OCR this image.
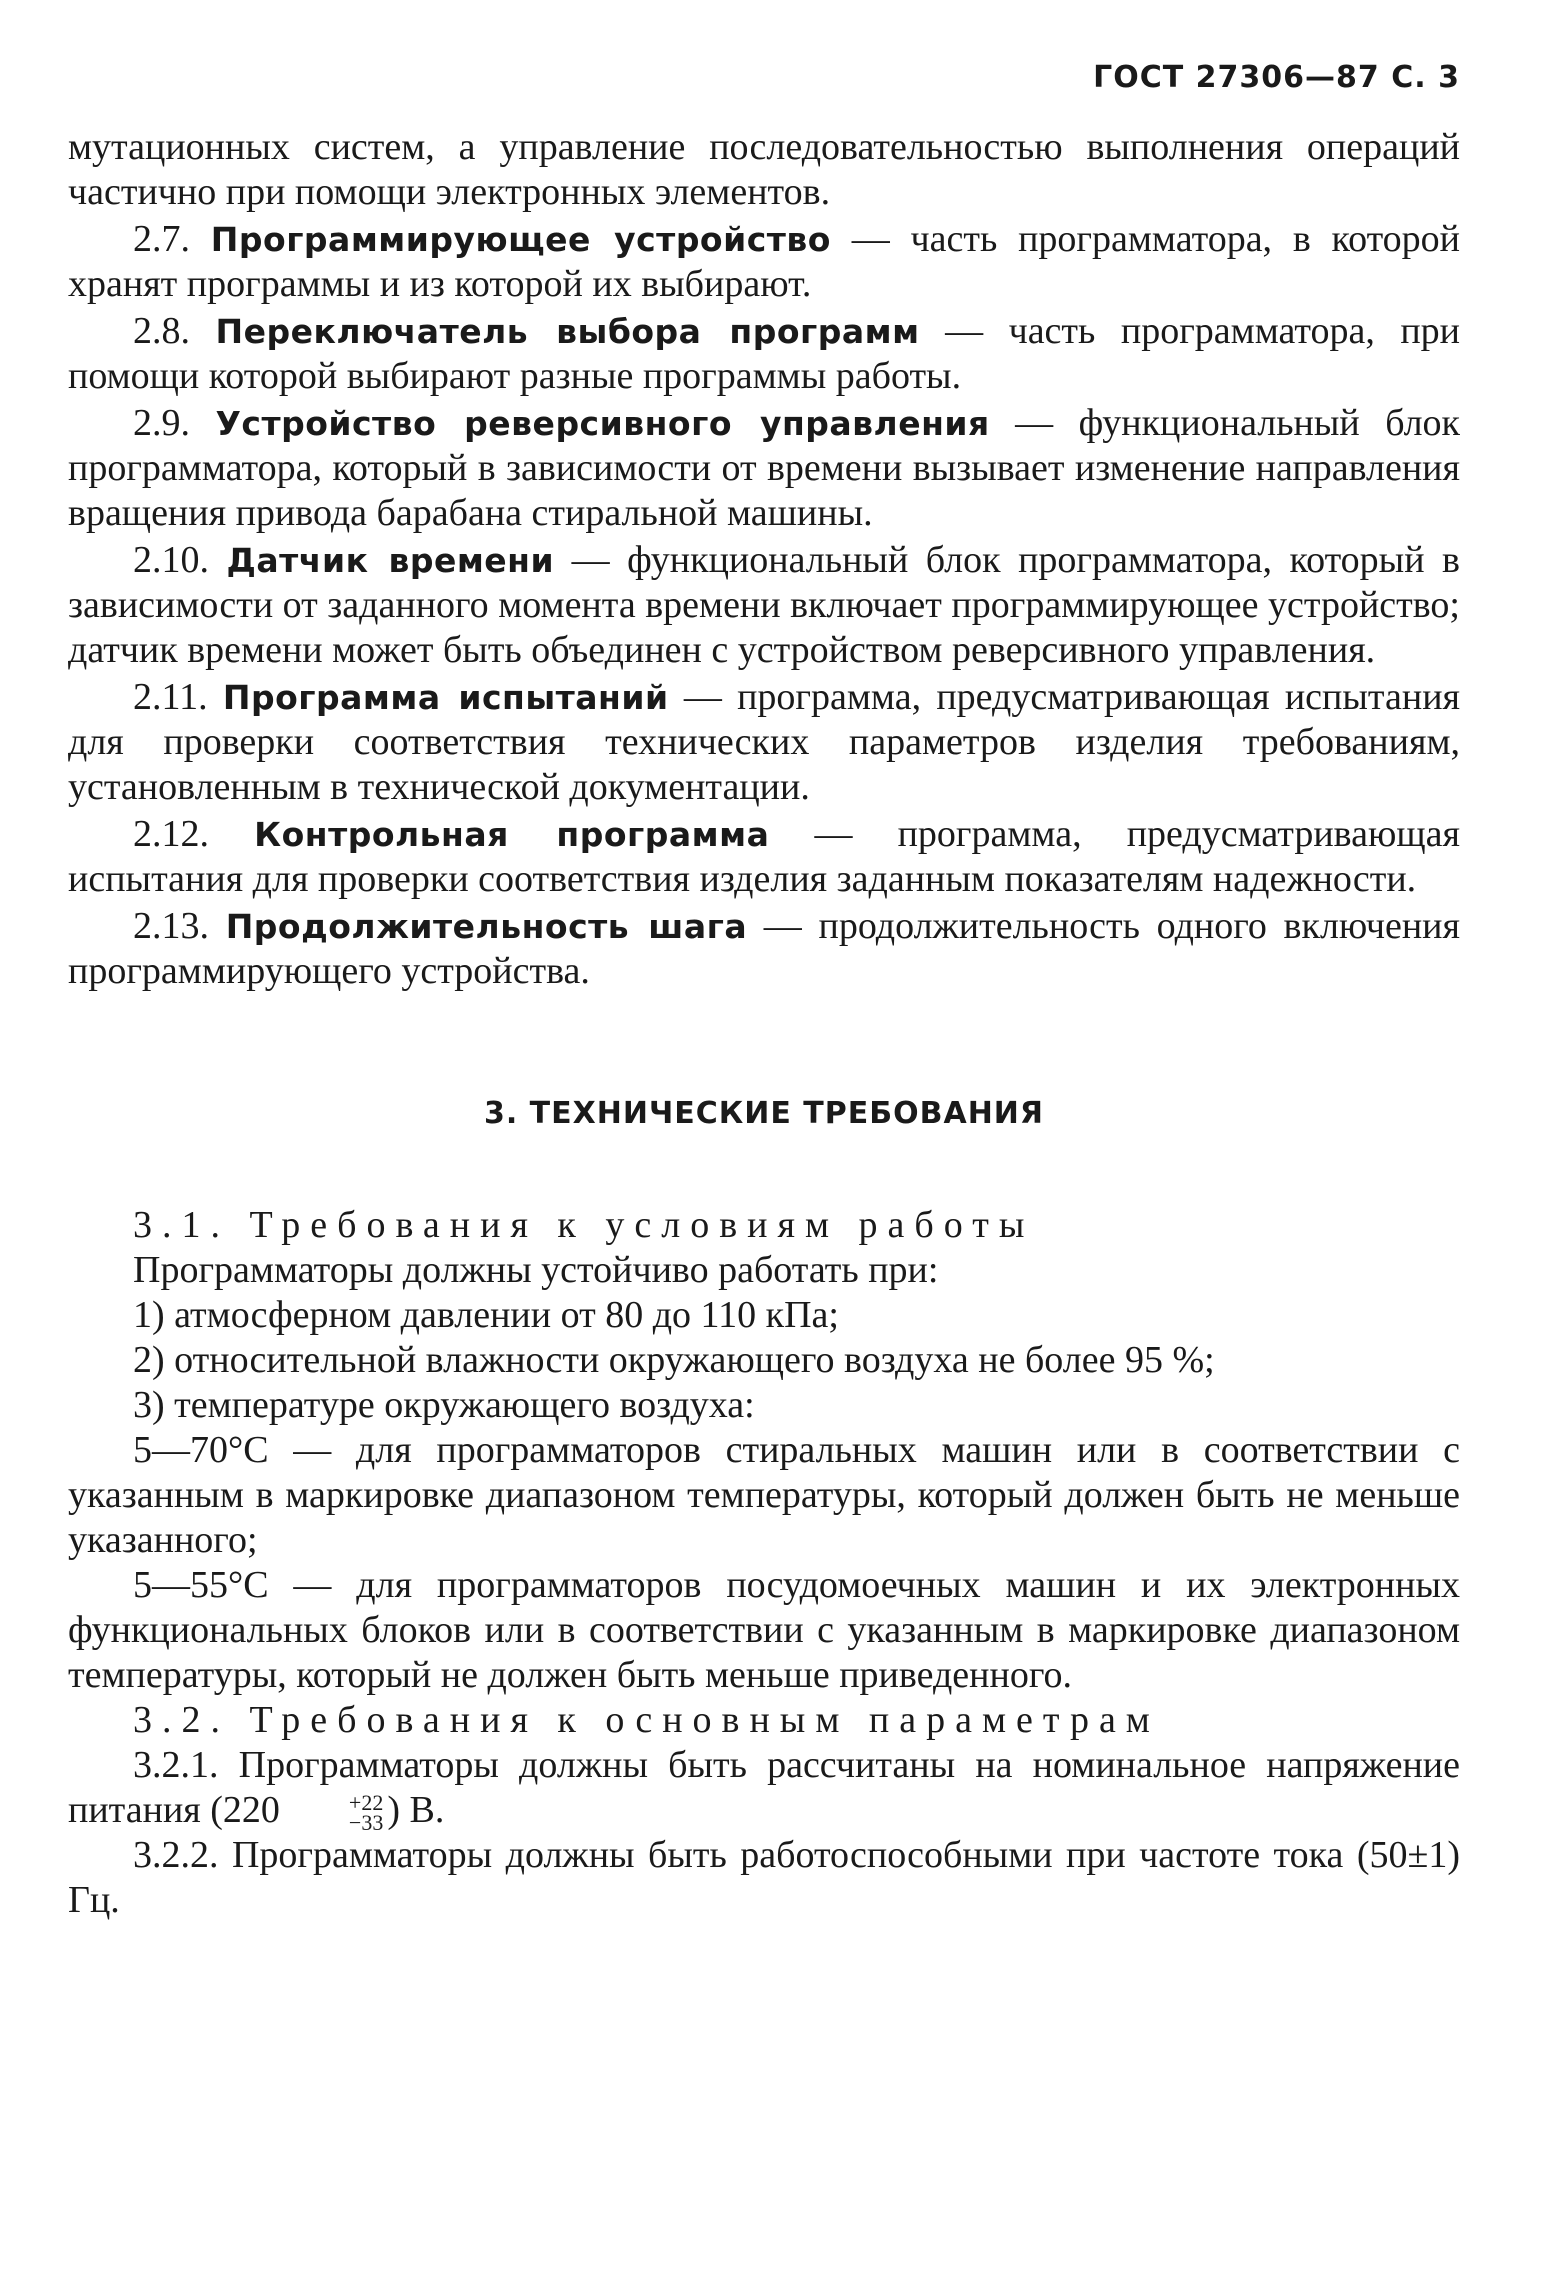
ГОСТ 27306—87 С. 3

мутационных систем, а управление последовательностью выполнения операций частично при помощи электронных элементов.

2.7. Программирующее устройство — часть программатора, в которой хранят программы и из которой их выбирают.

2.8. Переключатель выбора программ — часть программатора, при помощи которой выбирают разные программы работы.

2.9. Устройство реверсивного управления — функциональный блок программатора, который в зависимости от времени вызывает изменение направления вращения привода барабана стиральной машины.

2.10. Датчик времени — функциональный блок программатора, который в зависимости от заданного момента времени включает программирующее устройство; датчик времени может быть объединен с устройством реверсивного управления.

2.11. Программа испытаний — программа, предусматривающая испытания для проверки соответствия технических параметров изделия требованиям, установленным в технической документации.

2.12. Контрольная программа — программа, предусматривающая испытания для проверки соответствия изделия заданным показателям надежности.

2.13. Продолжительность шага — продолжительность одного включения программирующего устройства.

3. ТЕХНИЧЕСКИЕ ТРЕБОВАНИЯ

3.1. Требования к условиям работы

Программаторы должны устойчиво работать при:

1) атмосферном давлении от 80 до 110 кПа;

2) относительной влажности окружающего воздуха не более 95 %;

3) температуре окружающего воздуха:

5—70°С — для программаторов стиральных машин или в соответствии с указанным в маркировке диапазоном температуры, который должен быть не меньше указанного;

5—55°С — для программаторов посудомоечных машин и их электронных функциональных блоков или в соответствии с указанным в маркировке диапазоном температуры, который не должен быть меньше приведенного.

3.2. Требования к основным параметрам

3.2.1. Программаторы должны быть рассчитаны на номинальное напряжение питания (220	+22
−33 ) В.

3.2.2. Программаторы должны быть работоспособными при частоте тока (50±1) Гц.
